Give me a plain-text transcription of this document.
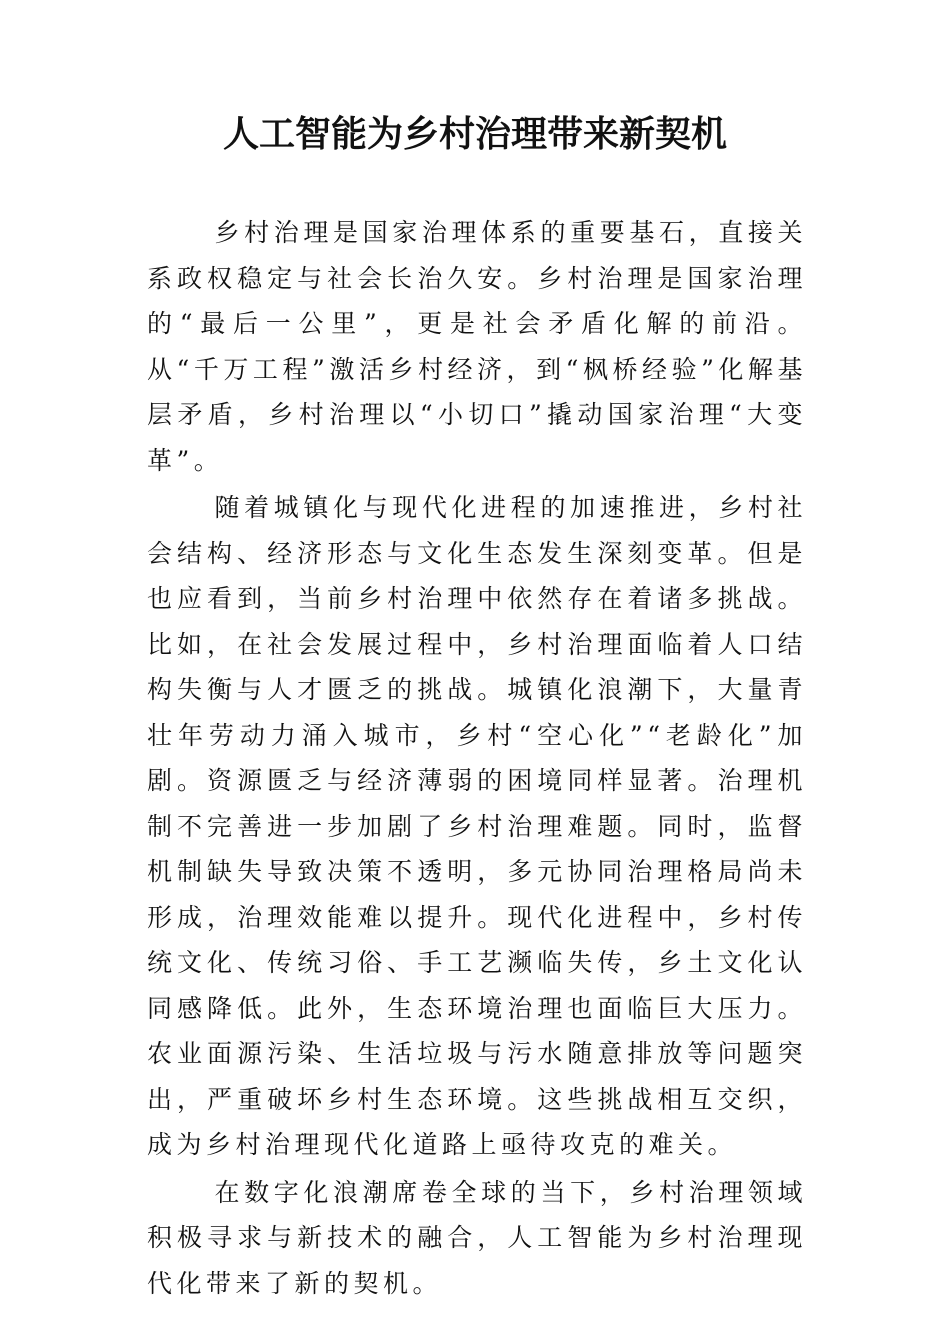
人工智能为乡村治理带来新契机

乡村治理是国家治理体系的重要基石，直接关系政权稳定与社会长治久安。乡村治理是国家治理的“最后一公里”，更是社会矛盾化解的前沿。从“千万工程”激活乡村经济，到“枫桥经验”化解基层矛盾，乡村治理以“小切口”撬动国家治理“大变革”。

随着城镇化与现代化进程的加速推进，乡村社会结构、经济形态与文化生态发生深刻变革。但是也应看到，当前乡村治理中依然存在着诸多挑战。比如，在社会发展过程中，乡村治理面临着人口结构失衡与人才匮乏的挑战。城镇化浪潮下，大量青壮年劳动力涌入城市，乡村“空心化”“老龄化”加剧。资源匮乏与经济薄弱的困境同样显著。治理机制不完善进一步加剧了乡村治理难题。同时，监督机制缺失导致决策不透明，多元协同治理格局尚未形成，治理效能难以提升。现代化进程中，乡村传统文化、传统习俗、手工艺濒临失传，乡土文化认同感降低。此外，生态环境治理也面临巨大压力。农业面源污染、生活垃圾与污水随意排放等问题突出，严重破坏乡村生态环境。这些挑战相互交织，成为乡村治理现代化道路上亟待攻克的难关。

在数字化浪潮席卷全球的当下，乡村治理领域积极寻求与新技术的融合，人工智能为乡村治理现代化带来了新的契机。
